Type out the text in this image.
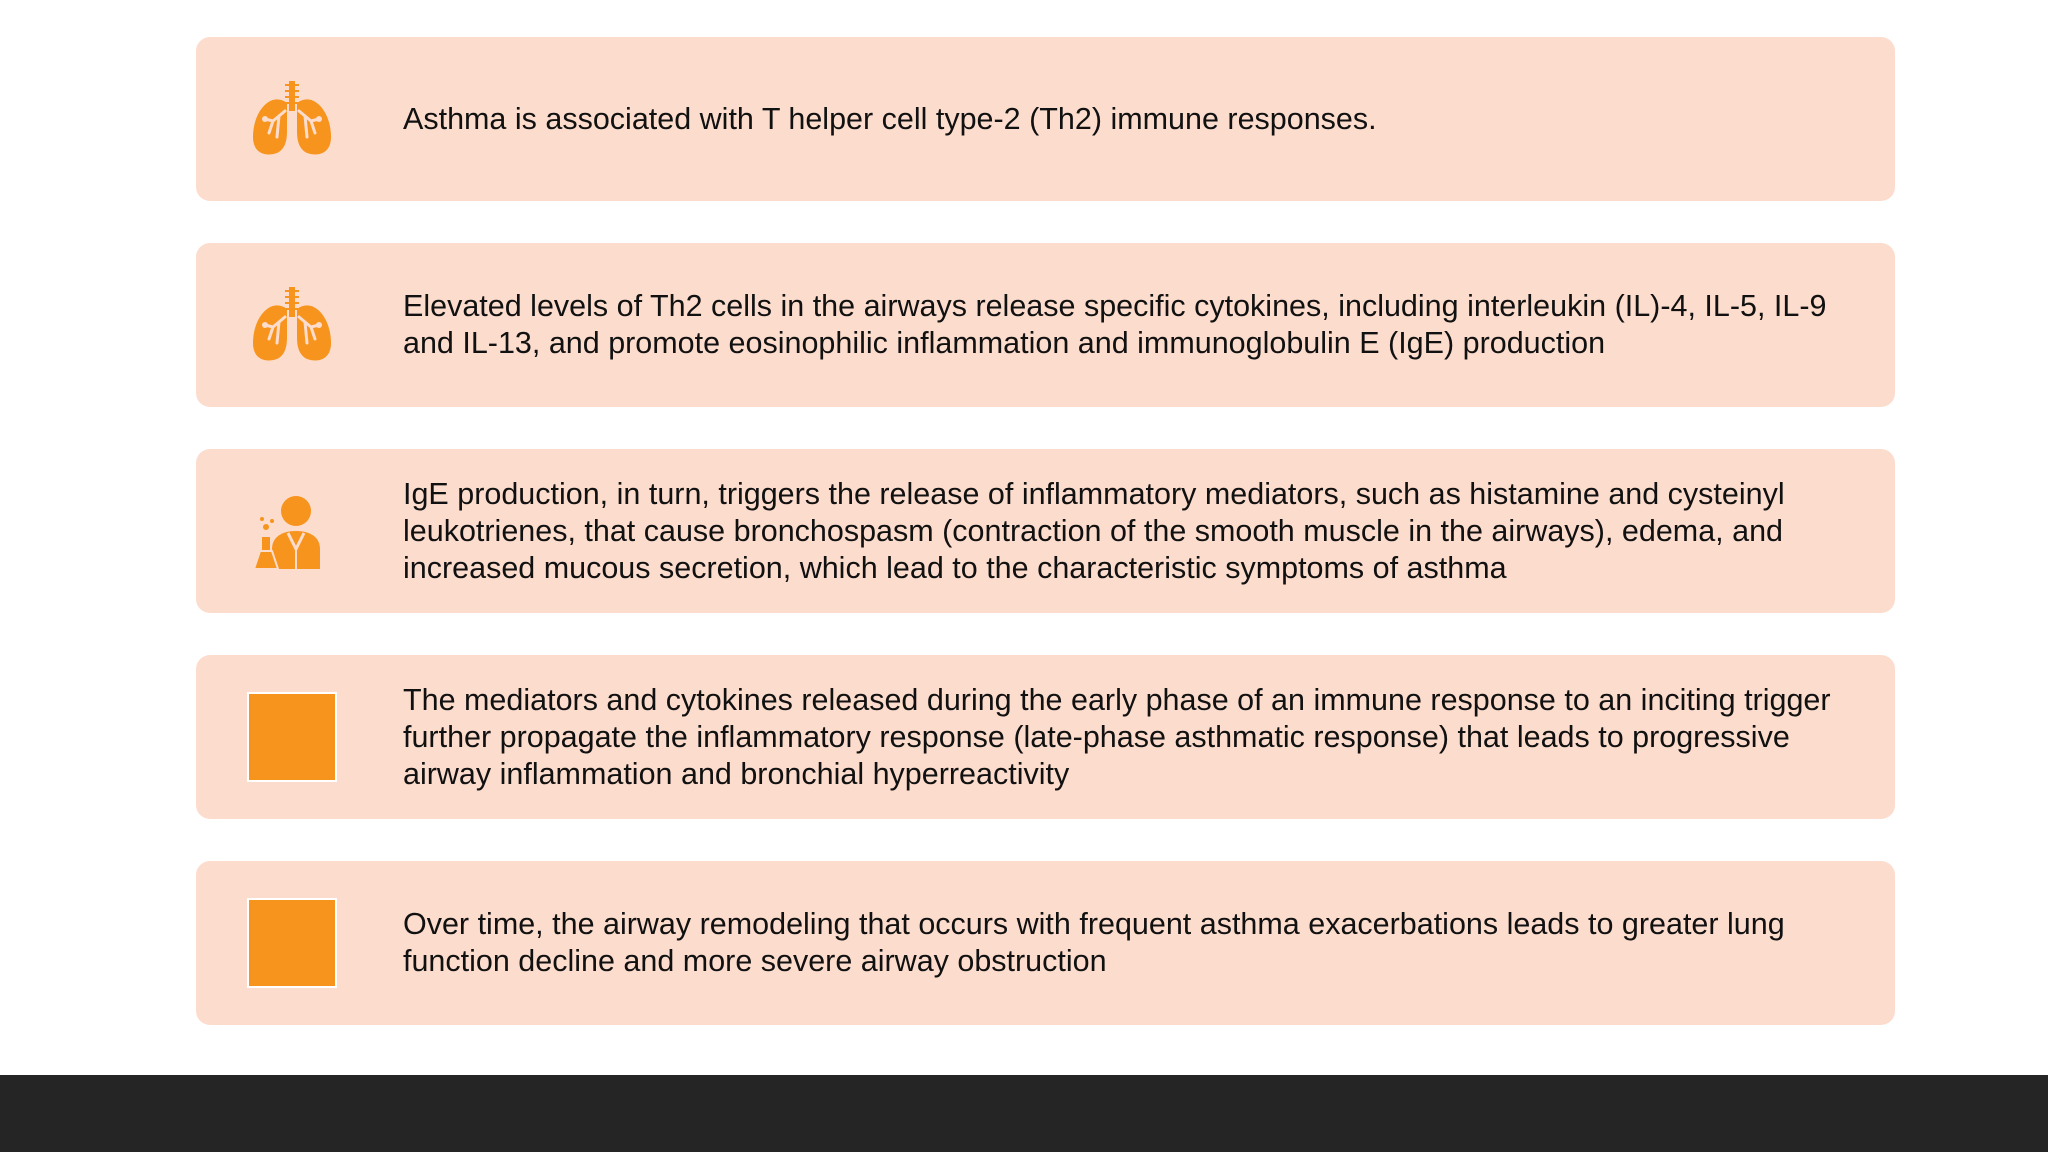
Asthma is associated with T helper cell type-2 (Th2) immune responses.
Elevated levels of Th2 cells in the airways release specific cytokines, including interleukin (IL)-4, IL-5, IL-9 and IL-13, and promote eosinophilic inflammation and immunoglobulin E (IgE) production
IgE production, in turn, triggers the release of inflammatory mediators, such as histamine and cysteinyl leukotrienes, that cause bronchospasm (contraction of the smooth muscle in the airways), edema, and increased mucous secretion, which lead to the characteristic symptoms of asthma
The mediators and cytokines released during the early phase of an immune response to an inciting trigger further propagate the inflammatory response (late-phase asthmatic response) that leads to progressive airway inflammation and bronchial hyperreactivity
Over time, the airway remodeling that occurs with frequent asthma exacerbations leads to greater lung function decline and more severe airway obstruction
